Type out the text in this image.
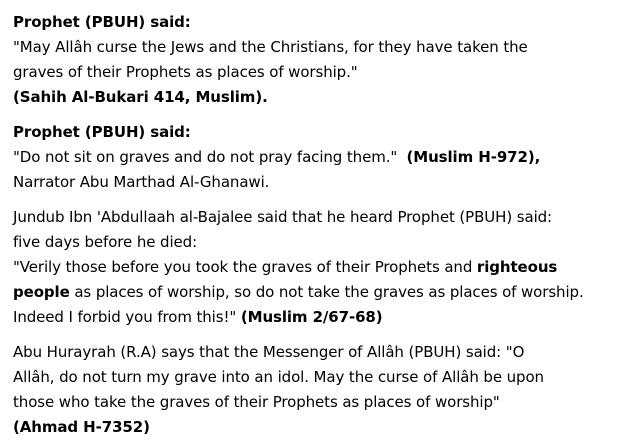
Prophet (PBUH) said:
"May Allâh curse the Jews and the Christians, for they have taken the
graves of their Prophets as places of worship."
(Sahih Al-Bukari 414, Muslim).

Prophet (PBUH) said:
"Do not sit on graves and do not pray facing them."  (Muslim H-972),
Narrator Abu Marthad Al-Ghanawi.

Jundub Ibn 'Abdullaah al-Bajalee said that he heard Prophet (PBUH) said:
five days before he died:
"Verily those before you took the graves of their Prophets and righteous
people as places of worship, so do not take the graves as places of worship.
Indeed I forbid you from this!" (Muslim 2/67-68)

Abu Hurayrah (R.A) says that the Messenger of Allâh (PBUH) said: "O
Allâh, do not turn my grave into an idol. May the curse of Allâh be upon
those who take the graves of their Prophets as places of worship"
(Ahmad H-7352)
